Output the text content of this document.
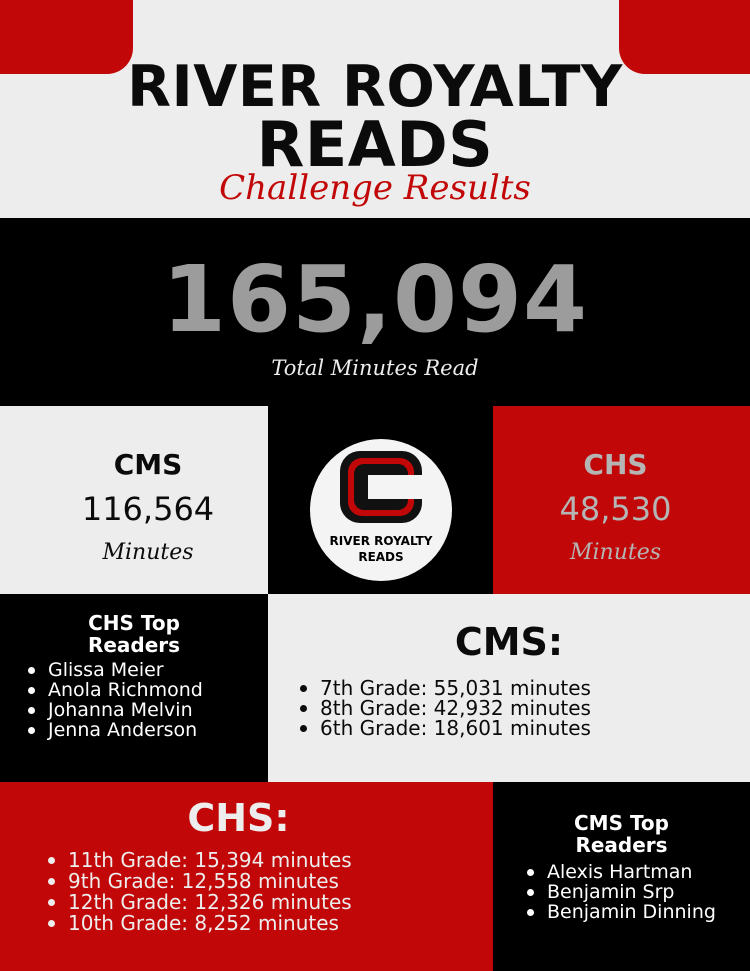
RIVER ROYALTY
READS
Challenge Results
165,094
Total Minutes Read
CMS
116,564
Minutes	RIVER ROYALTY
READS
CHS
48,530
Minutes
CHS Top
Readers
Glissa Meier
Anola Richmond
Johanna Melvin
Jenna Anderson
CMS:
7th Grade: 55,031 minutes
8th Grade: 42,932 minutes
6th Grade: 18,601 minutes
CHS:
11th Grade: 15,394 minutes
9th Grade: 12,558 minutes
12th Grade: 12,326 minutes
10th Grade: 8,252 minutes
CMS Top
Readers
Alexis Hartman
Benjamin Srp
Benjamin Dinning
